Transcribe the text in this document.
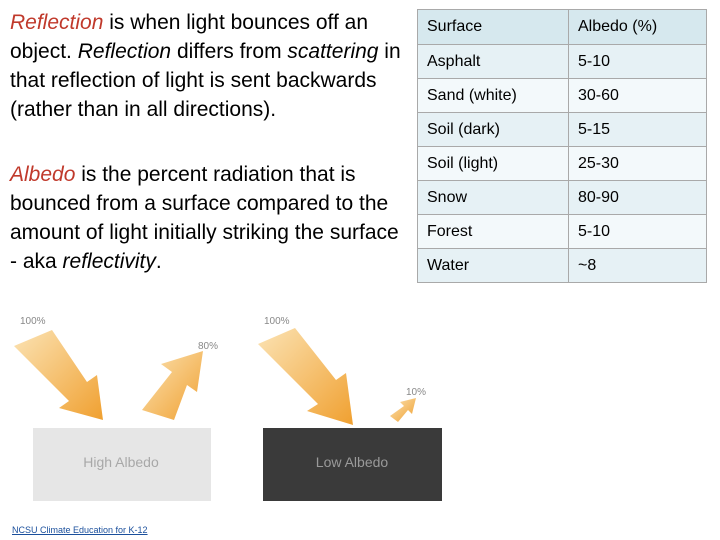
Reflection is when light bounces off an object. Reflection differs from scattering in that reflection of light is sent backwards (rather than in all directions).

Albedo is the percent radiation that is bounced from a surface compared to the amount of light initially striking the surface - aka reflectivity.

Surface	Albedo (%)
Asphalt	5-10
Sand (white)	30-60
Soil (dark)	5-15
Soil (light)	25-30
Snow	80-90
Forest	5-10
Water	~8
100%
80%
High Albedo
100%
10%
Low Albedo
NCSU Climate Education for K-12
